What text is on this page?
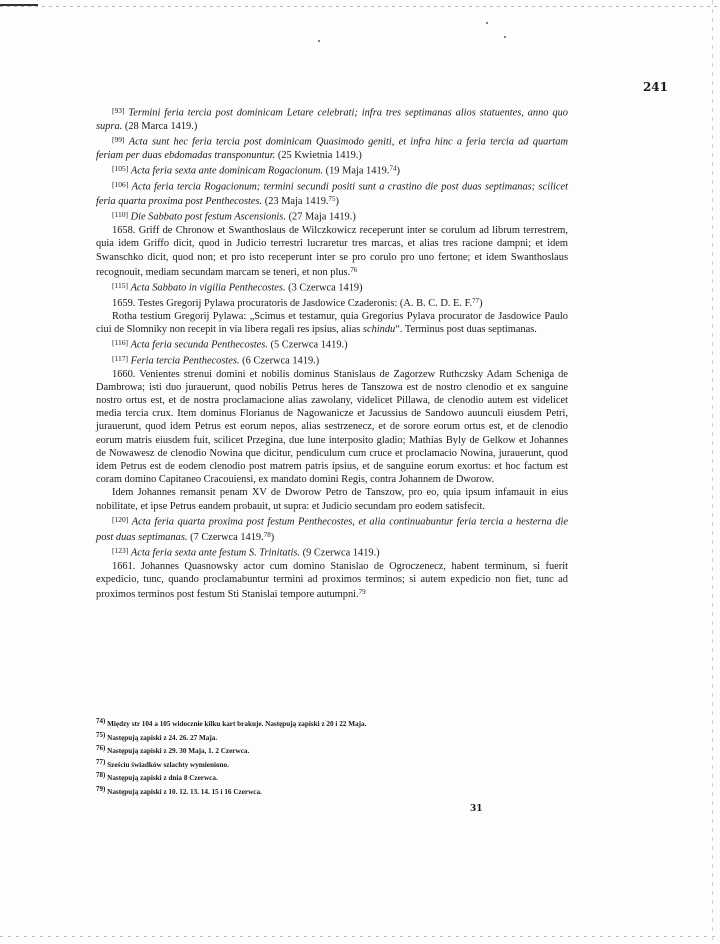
241

[93] Termini feria tercia post dominicam Letare celebrati; infra tres septimanas alios statuentes, anno quo supra. (28 Marca 1419.)

[99] Acta sunt hec feria tercia post dominicam Quasimodo geniti, et infra hinc a feria tercia ad quartam feriam per duas ebdomadas transponuntur. (25 Kwietnia 1419.)

[105] Acta feria sexta ante dominicam Rogacionum. (19 Maja 1419.74)

[106] Acta feria tercia Rogacionum; termini secundi positi sunt a crastino die post duas septimanas; scilicet feria quarta proxima post Penthecostes. (23 Maja 1419.75)

[110] Die Sabbato post festum Ascensionis. (27 Maja 1419.)

1658. Griff de Chronow et Swanthoslaus de Wilczkowicz receperunt inter se corulum ad librum terrestrem, quia idem Griffo dicit, quod in Judicio terrestri lucraretur tres marcas, et alias tres racione dampni; et idem Swanschko dicit, quod non; et pro isto receperunt inter se pro corulo pro uno fertone; et idem Swanthoslaus recognouit, mediam secundam marcam se teneri, et non plus.$^{76}$

[115] Acta Sabbato in vigilia Penthecostes. (3 Czerwca 1419)

1659. Testes Gregorij Pylawa procuratoris de Jasdowice Czaderonis: (A. B. C. D. E. F.$^{77}$)

Rotha testium Gregorij Pylawa: „Scimus et testamur, quia Gregorius Pylava procurator de Jasdowice Paulo ciui de Slomniky non recepit in via libera regali res ipsius, alias schindu“. Terminus post duas septimanas.

[116] Acta feria secunda Penthecostes. (5 Czerwca 1419.)

[117] Feria tercia Penthecostes. (6 Czerwca 1419.)

1660. Venientes strenui domini et nobilis dominus Stanislaus de Zagorzew Ruthczsky Adam Scheniga de Dambrowa; isti duo jurauerunt, quod nobilis Petrus heres de Tanszowa est de nostro clenodio et ex sanguine nostro ortus est, et de nostra proclamacione alias zawolany, videlicet Pillawa, de clenodio autem est videlicet media tercia crux. Item dominus Florianus de Nagowanicze et Jacussius de Sandowo auunculi eiusdem Petri, jurauerunt, quod idem Petrus est eorum nepos, alias sestrzeneсz, et de sorore eorum ortus est, et de clenodio eorum matris eiusdem fuit, scilicet Przegina, due lune interposito gladio; Mathias Byly de Gelkow et Johannes de Nowawesz de clenodio Nowina que dicitur, pendiculum cum cruce et proclamacio Nowina, jurauerunt, quod idem Petrus est de eodem clenodio post matrem patris ipsius, et de sanguine eorum exortus: et hoc factum est coram domino Capitaneo Cracouiensi, ex mandato domini Regis, contra Johannem de Dworow.

Idem Johannes remansit penam XV de Dworow Petro de Tanszow, pro eo, quia ipsum infamauit in eius nobilitate, et ipse Petrus eandem probauit, ut supra: et Judicio secundam pro eodem satisfecit.

[120] Acta feria quarta proxima post festum Penthecostes, et alia continuabuntur feria tercia a hesterna die post duas septimanas. (7 Czerwca 1419.78)

[123] Acta feria sexta ante festum S. Trinitatis. (9 Czerwca 1419.)

1661. Johannes Quasnowsky actor cum domino Stanislao de Ogroczenecz, habent terminum, si fuerit expedicio, tunc, quando proclamabuntur termini ad proximos terminos; si autem expedicio non fiet, tunc ad proximos terminos post festum Sti Stanislai tempore autumpni.$^{79}$

74) Między str 104 a 105 widocznie kilku kart brakuje. Następują zapiski z 20 i 22 Maja.
75) Następują zapiski z 24. 26. 27 Maja.
76) Następują zapiski z 29. 30 Maja, 1. 2 Czerwca.
77) Sześciu świadków szlachty wymieniono.
78) Następują zapiski z dnia 8 Czerwca.
79) Następują zapiski z 10. 12. 13. 14. 15 i 16 Czerwca.
31
